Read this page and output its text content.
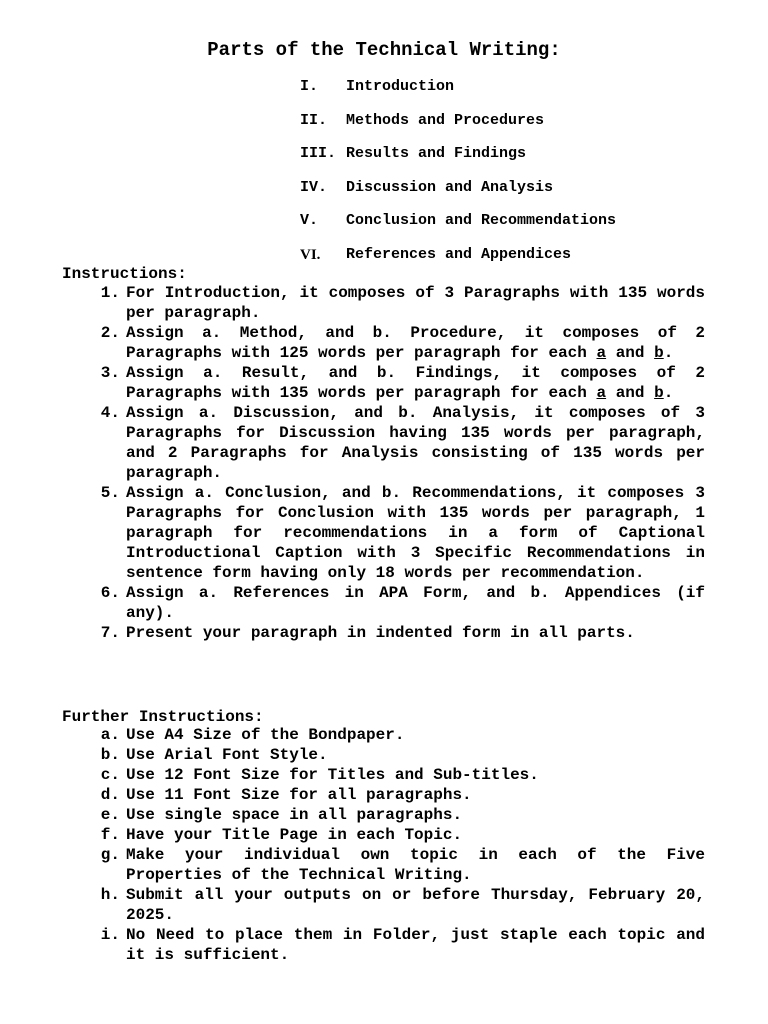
Parts of the Technical Writing:
I.	Introduction
II.	Methods and Procedures
III. Results and Findings
IV.	Discussion and Analysis
V.	Conclusion and Recommendations
VI.	References and Appendices
Instructions:
1. For Introduction, it composes of 3 Paragraphs with 135 words per paragraph.
2. Assign a. Method, and b. Procedure, it composes of 2 Paragraphs with 125 words per paragraph for each a and b.
3. Assign a. Result, and b. Findings, it composes of 2 Paragraphs with 135 words per paragraph for each a and b.
4. Assign a. Discussion, and b. Analysis, it composes of 3 Paragraphs for Discussion having 135 words per paragraph, and 2 Paragraphs for Analysis consisting of 135 words per paragraph.
5. Assign a. Conclusion, and b. Recommendations, it composes 3 Paragraphs for Conclusion with 135 words per paragraph, 1 paragraph for recommendations in a form of Captional Introductional Caption with 3 Specific Recommendations in sentence form having only 18 words per recommendation.
6. Assign a. References in APA Form, and b. Appendices (if any).
7. Present your paragraph in indented form in all parts.
Further Instructions:
a. Use A4 Size of the Bondpaper.
b. Use Arial Font Style.
c. Use 12 Font Size for Titles and Sub-titles.
d. Use 11 Font Size for all paragraphs.
e. Use single space in all paragraphs.
f. Have your Title Page in each Topic.
g. Make your individual own topic in each of the Five Properties of the Technical Writing.
h. Submit all your outputs on or before Thursday, February 20, 2025.
i. No Need to place them in Folder, just staple each topic and it is sufficient.
